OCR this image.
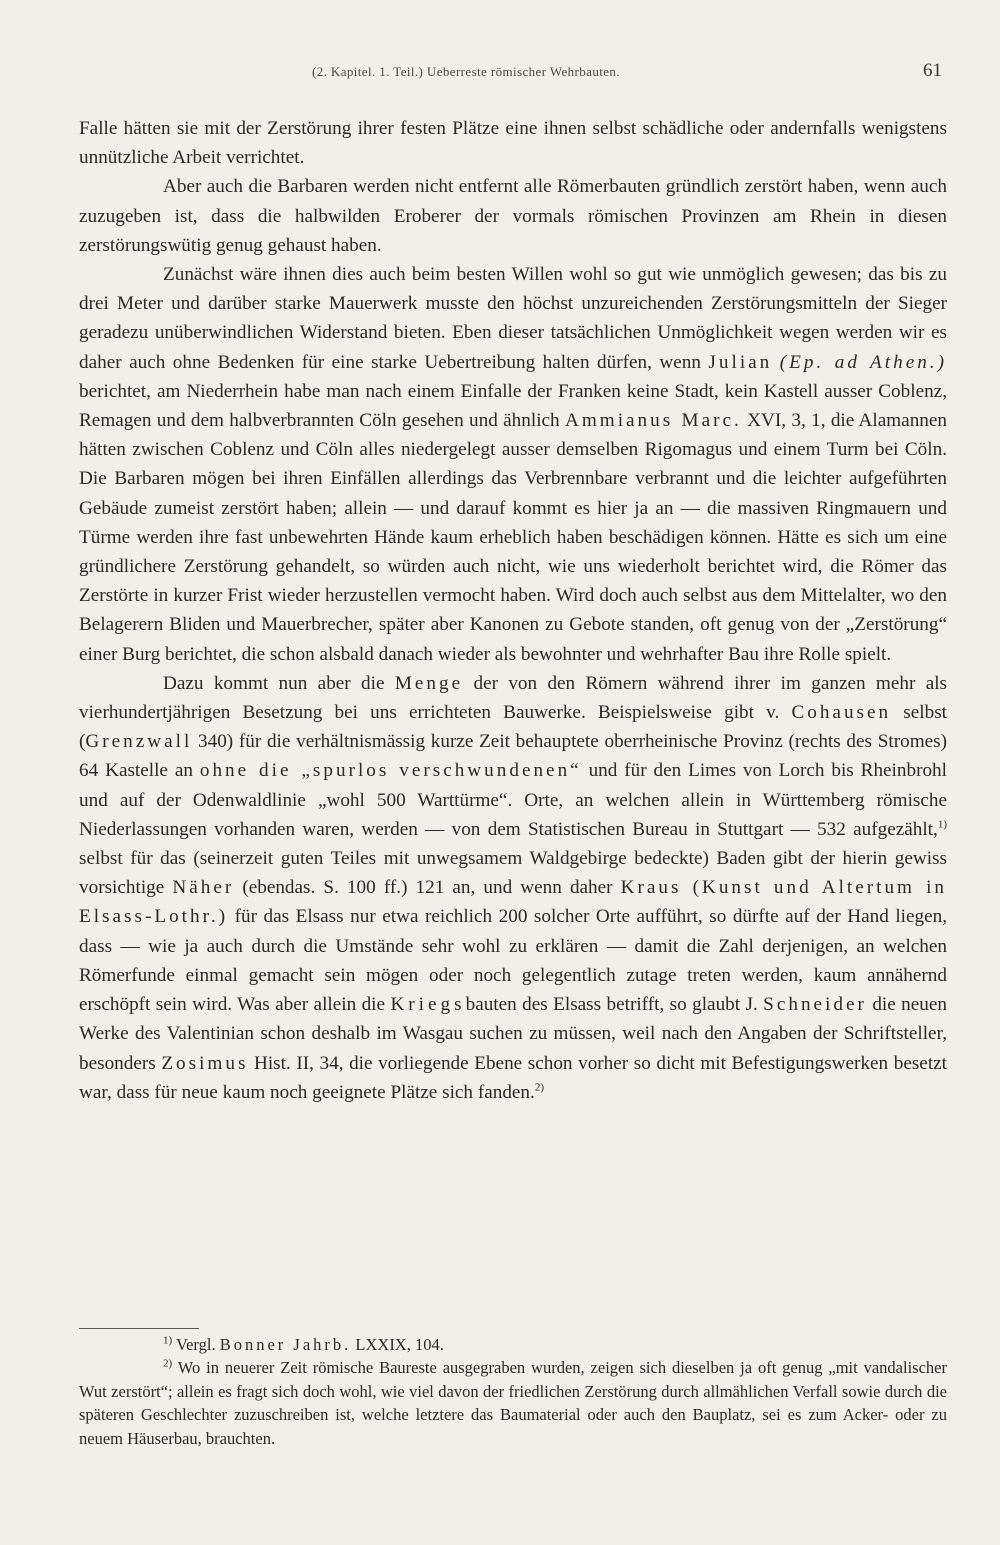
(2. Kapitel. 1. Teil.) Ueberreste römischer Wehrbauten.	61

Falle hätten sie mit der Zerstörung ihrer festen Plätze eine ihnen selbst schädliche oder andernfalls wenigstens unnützliche Arbeit verrichtet.

Aber auch die Barbaren werden nicht entfernt alle Römerbauten gründlich zerstört haben, wenn auch zuzugeben ist, dass die halbwilden Eroberer der vormals römischen Provinzen am Rhein in diesen zerstörungswütig genug gehaust haben.

Zunächst wäre ihnen dies auch beim besten Willen wohl so gut wie unmöglich gewesen; das bis zu drei Meter und darüber starke Mauerwerk musste den höchst unzureichenden Zerstörungsmitteln der Sieger geradezu unüberwindlichen Widerstand bieten. Eben dieser tatsächlichen Unmöglichkeit wegen werden wir es daher auch ohne Bedenken für eine starke Uebertreibung halten dürfen, wenn Julian (Ep. ad Athen.) berichtet, am Niederrhein habe man nach einem Einfalle der Franken keine Stadt, kein Kastell ausser Coblenz, Remagen und dem halbverbrannten Cöln gesehen und ähnlich Ammianus Marc. XVI, 3, 1, die Alamannen hätten zwischen Coblenz und Cöln alles niedergelegt ausser demselben Rigomagus und einem Turm bei Cöln. Die Barbaren mögen bei ihren Einfällen allerdings das Verbrennbare verbrannt und die leichter aufgeführten Gebäude zumeist zerstört haben; allein — und darauf kommt es hier ja an — die massiven Ringmauern und Türme werden ihre fast unbewehrten Hände kaum erheblich haben beschädigen können. Hätte es sich um eine gründlichere Zerstörung gehandelt, so würden auch nicht, wie uns wiederholt berichtet wird, die Römer das Zerstörte in kurzer Frist wieder herzustellen vermocht haben. Wird doch auch selbst aus dem Mittelalter, wo den Belagerern Bliden und Mauerbrecher, später aber Kanonen zu Gebote standen, oft genug von der „Zerstörung“ einer Burg berichtet, die schon alsbald danach wieder als bewohnter und wehrhafter Bau ihre Rolle spielt.

Dazu kommt nun aber die Menge der von den Römern während ihrer im ganzen mehr als vierhundertjährigen Besetzung bei uns errichteten Bauwerke. Beispielsweise gibt v. Cohausen selbst (Grenzwall 340) für die verhältnismässig kurze Zeit behauptete oberrheinische Provinz (rechts des Stromes) 64 Kastelle an ohne die „spurlos verschwundenen“ und für den Limes von Lorch bis Rheinbrohl und auf der Odenwaldlinie „wohl 500 Warttürme“. Orte, an welchen allein in Württemberg römische Niederlassungen vorhanden waren, werden — von dem Statistischen Bureau in Stuttgart — 532 aufgezählt,$^{1)}$ selbst für das (seinerzeit guten Teiles mit unwegsamem Waldgebirge bedeckte) Baden gibt der hierin gewiss vorsichtige Näher (ebendas. S. 100 ff.) 121 an, und wenn daher Kraus (Kunst und Altertum in Elsass-Lothr.) für das Elsass nur etwa reichlich 200 solcher Orte aufführt, so dürfte auf der Hand liegen, dass — wie ja auch durch die Umstände sehr wohl zu erklären — damit die Zahl derjenigen, an welchen Römerfunde einmal gemacht sein mögen oder noch gelegentlich zutage treten werden, kaum annähernd erschöpft sein wird. Was aber allein die Kriegsbauten des Elsass betrifft, so glaubt J. Schneider die neuen Werke des Valentinian schon deshalb im Wasgau suchen zu müssen, weil nach den Angaben der Schriftsteller, besonders Zosimus Hist. II, 34, die vorliegende Ebene schon vorher so dicht mit Befestigungswerken besetzt war, dass für neue kaum noch geeignete Plätze sich fanden.$^{2)}$

$^{1)}$ Vergl. Bonner Jahrb. LXXIX, 104.

$^{2)}$ Wo in neuerer Zeit römische Baureste ausgegraben wurden, zeigen sich dieselben ja oft genug „mit vandalischer Wut zerstört“; allein es fragt sich doch wohl, wie viel davon der friedlichen Zerstörung durch allmählichen Verfall sowie durch die späteren Geschlechter zuzuschreiben ist, welche letztere das Baumaterial oder auch den Bauplatz, sei es zum Acker- oder zu neuem Häuserbau, brauchten.
